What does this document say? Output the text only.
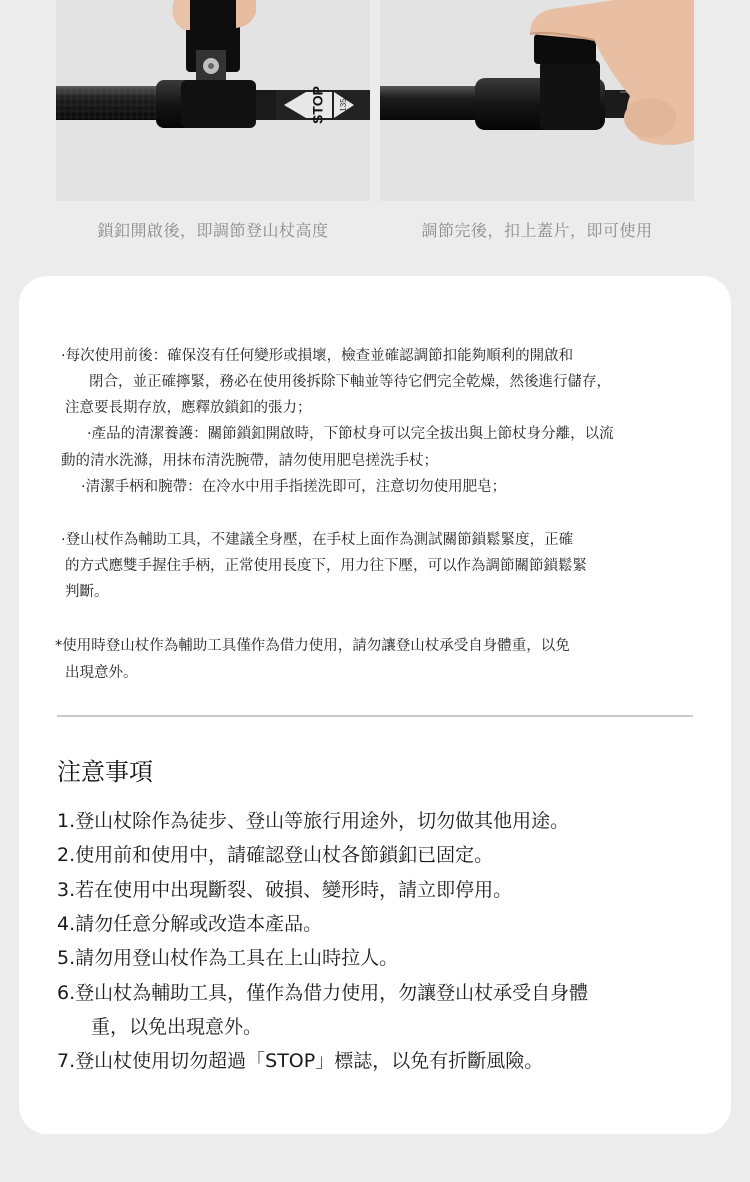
STOP 135
鎖釦開啟後，即調節登山杖高度	調節完後，扣上蓋片，即可使用
·每次使用前後：確保沒有任何變形或損壞，檢查並確認調節扣能夠順利的開啟和
閉合，並正確擰緊，務必在使用後拆除下軸並等待它們完全乾燥，然後進行儲存，
注意要長期存放，應釋放鎖釦的張力；
·產品的清潔養護：關節鎖釦開啟時，下節杖身可以完全拔出與上節杖身分離，以流
動的清水洗滌，用抹布清洗腕帶，請勿使用肥皂搓洗手杖；
·清潔手柄和腕帶：在冷水中用手指搓洗即可，注意切勿使用肥皂；
·登山杖作為輔助工具，不建議全身壓，在手杖上面作為測試關節鎖鬆緊度，正確
的方式應雙手握住手柄，正常使用長度下，用力往下壓，可以作為調節關節鎖鬆緊
判斷。
*使用時登山杖作為輔助工具僅作為借力使用，請勿讓登山杖承受自身體重，以免
出現意外。
注意事項
1.登山杖除作為徒步、登山等旅行用途外，切勿做其他用途。
2.使用前和使用中，請確認登山杖各節鎖釦已固定。
3.若在使用中出現斷裂、破損、變形時，請立即停用。
4.請勿任意分解或改造本產品。
5.請勿用登山杖作為工具在上山時拉人。
6.登山杖為輔助工具，僅作為借力使用，勿讓登山杖承受自身體
重，以免出現意外。
7.登山杖使用切勿超過「STOP」標誌，以免有折斷風險。
